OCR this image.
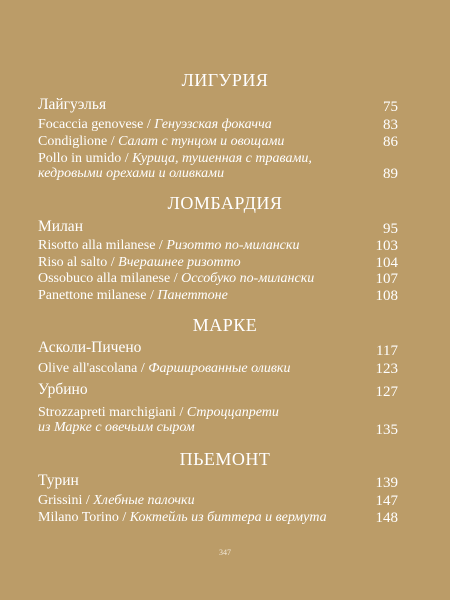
ЛИГУРИЯ
Лайгуэлья	75
Focaccia genovese / Генуэзская фокачча	83
Condiglione / Салат с тунцом и овощами	86
Pollo in umido / Курица, тушенная с травами,
кедровыми орехами и оливками	89
ЛОМБАРДИЯ
Милан	95
Risotto alla milanese / Ризотто по-милански	103
Riso al salto / Вчерашнее ризотто	104
Ossobuco alla milanese / Оссобуко по-милански	107
Panettone milanese / Панеттоне	108
МАРКЕ
Асколи-Пичено	117
Olive all'ascolana / Фаршированные оливки	123
Урбино	127
Strozzapreti marchigiani / Строццапрети
из Марке с овечьим сыром	135
ПЬЕМОНТ
Турин	139
Grissini / Хлебные палочки	147
Milano Torino / Коктейль из биттера и вермута	148
347
